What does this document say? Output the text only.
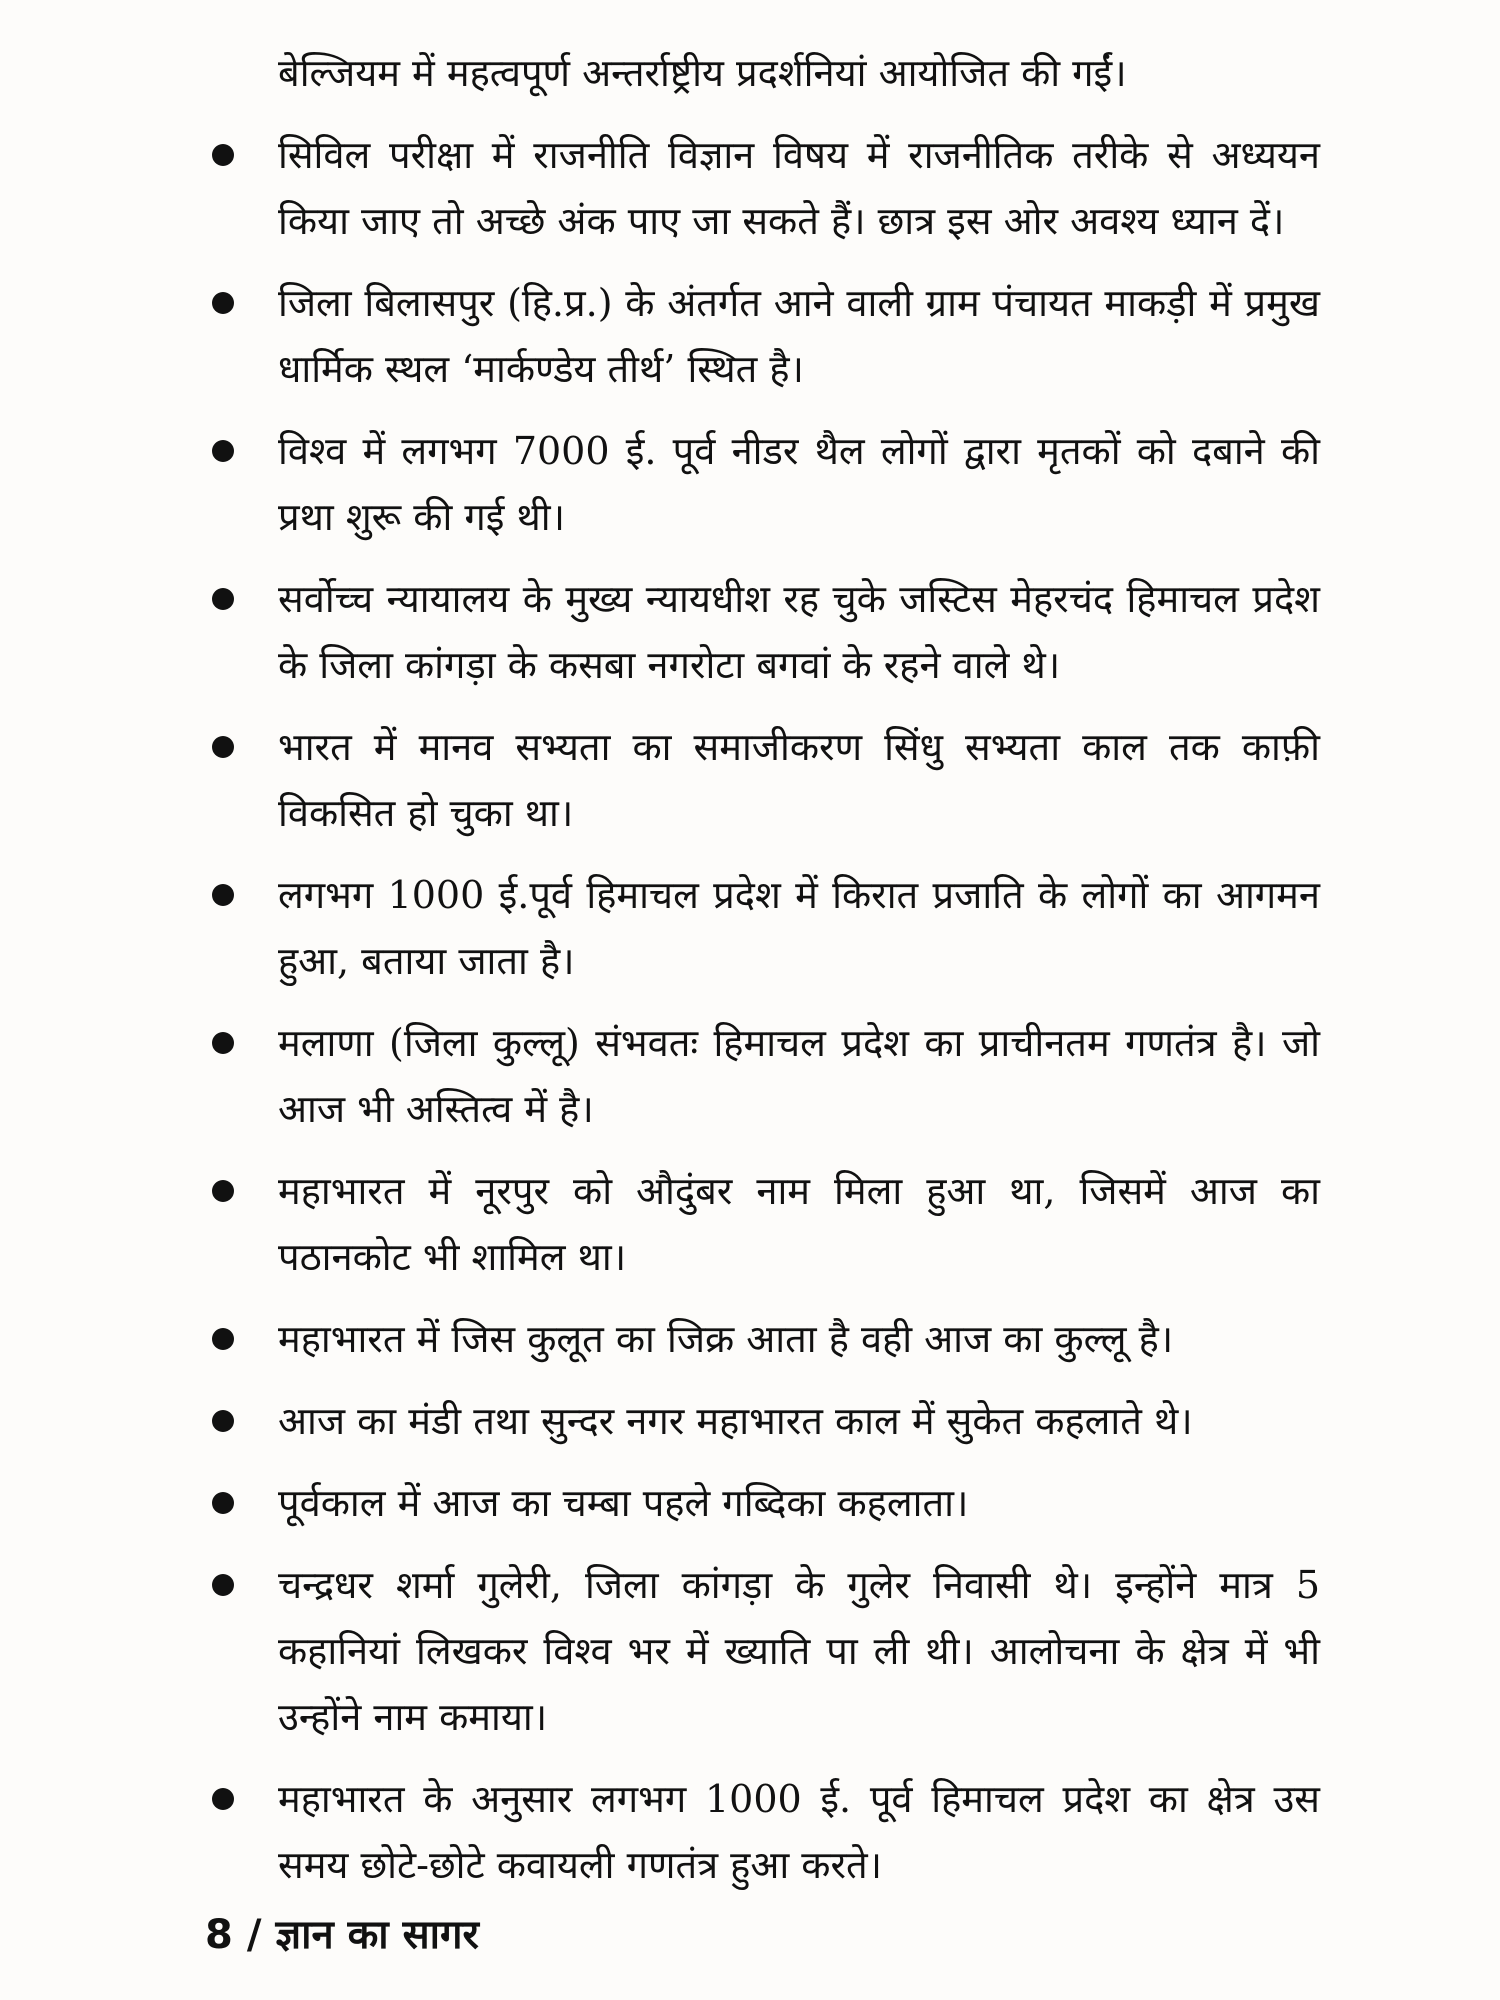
बेल्जियम में महत्वपूर्ण अन्तर्राष्ट्रीय प्रदर्शनियां आयोजित की गईं।

सिविल परीक्षा में राजनीति विज्ञान विषय में राजनीतिक तरीके से अध्ययन किया जाए तो अच्छे अंक पाए जा सकते हैं। छात्र इस ओर अवश्य ध्यान दें।
जिला बिलासपुर (हि.प्र.) के अंतर्गत आने वाली ग्राम पंचायत माकड़ी में प्रमुख धार्मिक स्थल ‘मार्कण्डेय तीर्थ’ स्थित है।
विश्व में लगभग 7000 ई. पूर्व नीडर थैल लोगों द्वारा मृतकों को दबाने की प्रथा शुरू की गई थी।
सर्वोच्च न्यायालय के मुख्य न्यायधीश रह चुके जस्टिस मेहरचंद हिमाचल प्रदेश के जिला कांगड़ा के कसबा नगरोटा बगवां के रहने वाले थे।
भारत में मानव सभ्यता का समाजीकरण सिंधु सभ्यता काल तक काफ़ी विकसित हो चुका था।
लगभग 1000 ई.पूर्व हिमाचल प्रदेश में किरात प्रजाति के लोगों का आगमन हुआ, बताया जाता है।
मलाणा (जिला कुल्लू) संभवतः हिमाचल प्रदेश का प्राचीनतम गणतंत्र है। जो आज भी अस्तित्व में है।
महाभारत में नूरपुर को औदुंबर नाम मिला हुआ था, जिसमें आज का पठानकोट भी शामिल था।
महाभारत में जिस कुलूत का जिक्र आता है वही आज का कुल्लू है।
आज का मंडी तथा सुन्दर नगर महाभारत काल में सुकेत कहलाते थे।
पूर्वकाल में आज का चम्बा पहले गब्दिका कहलाता।
चन्द्रधर शर्मा गुलेरी, जिला कांगड़ा के गुलेर निवासी थे। इन्होंने मात्र 5 कहानियां लिखकर विश्व भर में ख्याति पा ली थी। आलोचना के क्षेत्र में भी उन्होंने नाम कमाया।
महाभारत के अनुसार लगभग 1000 ई. पूर्व हिमाचल प्रदेश का क्षेत्र उस समय छोटे-छोटे कवायली गणतंत्र हुआ करते।
8 / ज्ञान का सागर
